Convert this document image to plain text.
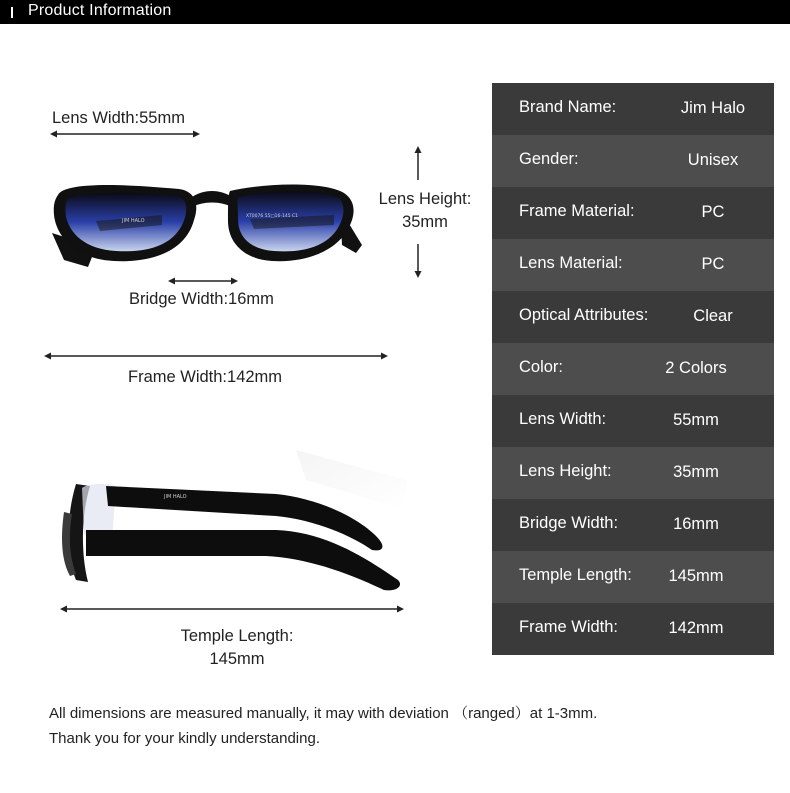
Product Information
Lens Width:55mm
JIM HALO
XT0076 55□16-145 C1
Lens Height:
35mm
Bridge Width:16mm
Frame Width:142mm
JIM HALO
Temple Length:
145mm
Brand Name:	Jim Halo
Gender:	Unisex
Frame Material:	PC
Lens Material:	PC
Optical Attributes:	Clear
Color:	2 Colors
Lens Width:	55mm
Lens Height:	35mm
Bridge Width:	16mm
Temple Length:	145mm
Frame Width:	142mm
All dimensions are measured manually, it may with deviation （ranged）at 1-3mm.
Thank you for your kindly understanding.
